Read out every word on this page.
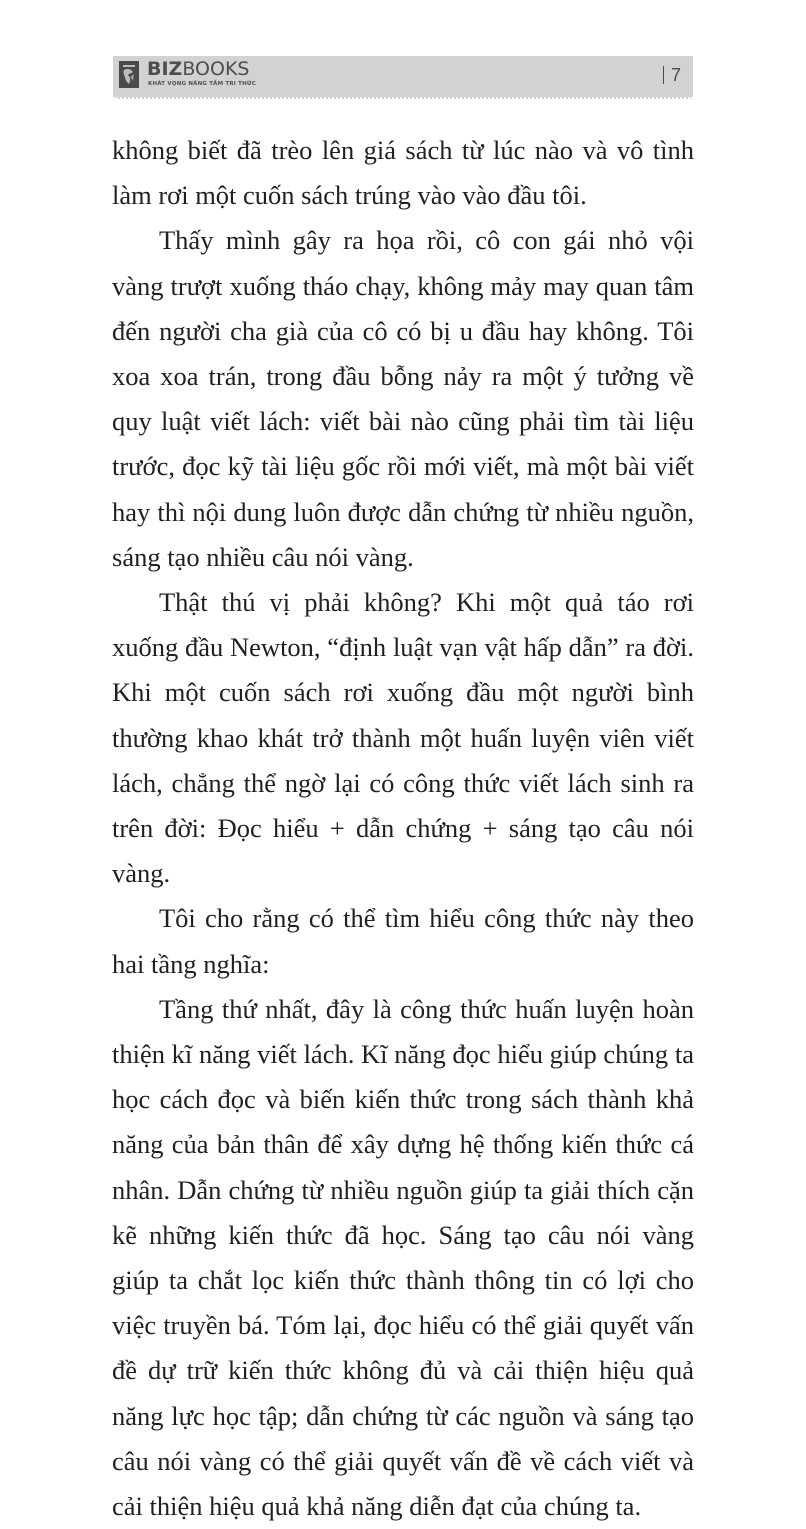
BIZBOOKS
KHÁT VỌNG NÂNG TẦM TRI THỨC	7

không biết đã trèo lên giá sách từ lúc nào và vô tình làm rơi một cuốn sách trúng vào vào đầu tôi.

Thấy mình gây ra họa rồi, cô con gái nhỏ vội vàng trượt xuống tháo chạy, không mảy may quan tâm đến người cha già của cô có bị u đầu hay không. Tôi xoa xoa trán, trong đầu bỗng nảy ra một ý tưởng về quy luật viết lách: viết bài nào cũng phải tìm tài liệu trước, đọc kỹ tài liệu gốc rồi mới viết, mà một bài viết hay thì nội dung luôn được dẫn chứng từ nhiều nguồn, sáng tạo nhiều câu nói vàng.

Thật thú vị phải không? Khi một quả táo rơi xuống đầu Newton, “định luật vạn vật hấp dẫn” ra đời. Khi một cuốn sách rơi xuống đầu một người bình thường khao khát trở thành một huấn luyện viên viết lách, chẳng thể ngờ lại có công thức viết lách sinh ra trên đời: Đọc hiểu + dẫn chứng + sáng tạo câu nói vàng.

Tôi cho rằng có thể tìm hiểu công thức này theo hai tầng nghĩa:

Tầng thứ nhất, đây là công thức huấn luyện hoàn thiện kĩ năng viết lách. Kĩ năng đọc hiểu giúp chúng ta học cách đọc và biến kiến thức trong sách thành khả năng của bản thân để xây dựng hệ thống kiến thức cá nhân. Dẫn chứng từ nhiều nguồn giúp ta giải thích cặn kẽ những kiến thức đã học. Sáng tạo câu nói vàng giúp ta chắt lọc kiến thức thành thông tin có lợi cho việc truyền bá. Tóm lại, đọc hiểu có thể giải quyết vấn đề dự trữ kiến thức không đủ và cải thiện hiệu quả năng lực học tập; dẫn chứng từ các nguồn và sáng tạo câu nói vàng có thể giải quyết vấn đề về cách viết và cải thiện hiệu quả khả năng diễn đạt của chúng ta.
